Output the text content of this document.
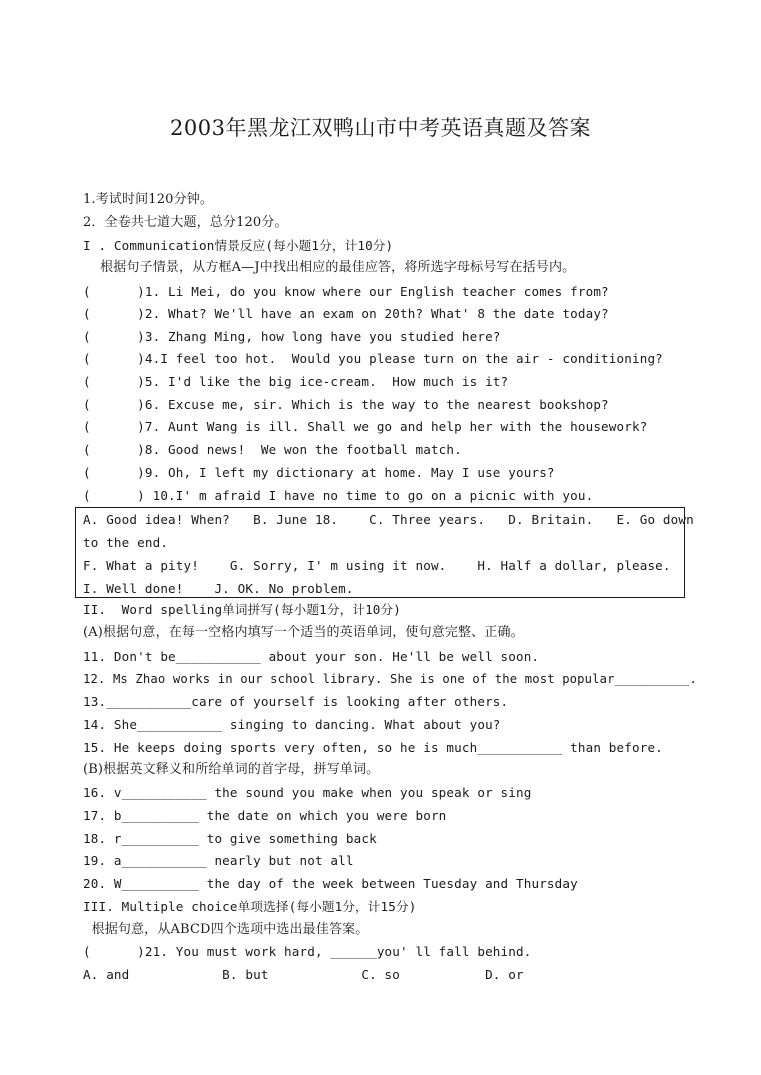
2003年黑龙江双鸭山市中考英语真题及答案
1.考试时间120分钟。
2．全卷共七道大题，总分120分。
I . Communication情景反应(每小题1分，计10分)
根据句子情景，从方框A—J中找出相应的最佳应答，将所选字母标号写在括号内。
(      )1. Li Mei, do you know where our English teacher comes from?
(      )2. What? We'll have an exam on 20th? What' 8 the date today?
(      )3. Zhang Ming, how long have you studied here?
(      )4.I feel too hot.  Would you please turn on the air - conditioning?
(      )5. I'd like the big ice-cream.  How much is it?
(      )6. Excuse me, sir. Which is the way to the nearest bookshop?
(      )7. Aunt Wang is ill. Shall we go and help her with the housework?
(      )8. Good news!  We won the football match.
(      )9. Oh, I left my dictionary at home. May I use yours?
(      ) 10.I' m afraid I have no time to go on a picnic with you.
A. Good idea! When?   B. June 18.    C. Three years.   D. Britain.   E. Go down
to the end.
F. What a pity!    G. Sorry, I' m using it now.    H. Half a dollar, please.
I. Well done!    J. OK. No problem.
II.  Word spelling单词拼写(每小题1分，计10分)
(A)根据句意，在每一空格内填写一个适当的英语单词，使句意完整、正确。
11. Don't be___________ about your son. He'll be well soon.
12. Ms Zhao works in our school library. She is one of the most popular__________.
13.___________care of yourself is looking after others.
14. She___________ singing to dancing. What about you?
15. He keeps doing sports very often, so he is much___________ than before.
(B)根据英文释义和所给单词的首字母，拼写单词。
16. v___________ the sound you make when you speak or sing
17. b__________ the date on which you were born
18. r__________ to give something back
19. a___________ nearly but not all
20. W__________ the day of the week between Tuesday and Thursday
III. Multiple choice单项选择(每小题1分，计15分)
根据句意，从ABCD四个选项中选出最佳答案。
(      )21. You must work hard, ______you' ll fall behind.
A. and            B. but            C. so           D. or
